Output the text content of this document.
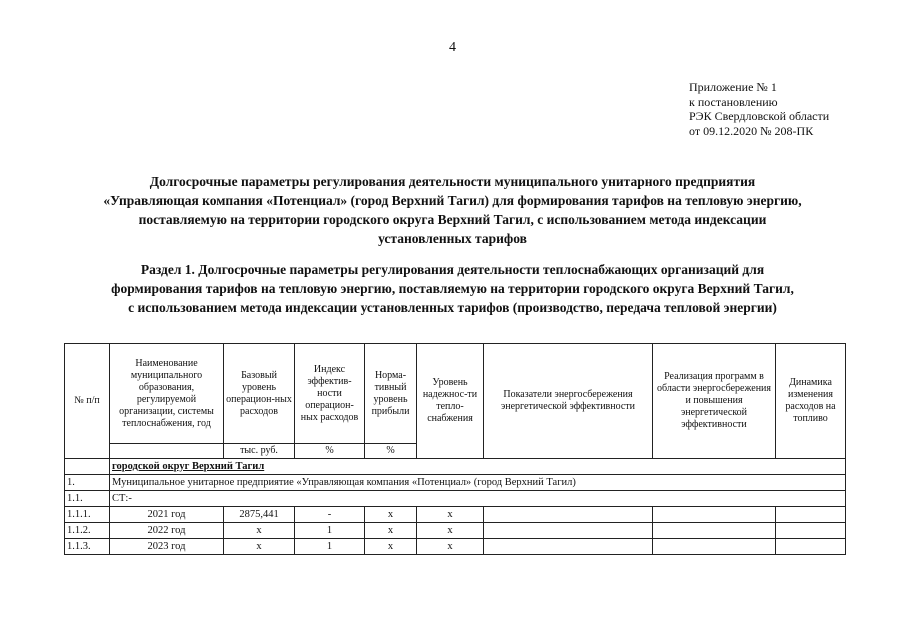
4
Приложение № 1
к постановлению
РЭК Свердловской области
от 09.12.2020 № 208-ПК
Долгосрочные параметры регулирования деятельности муниципального унитарного предприятия
«Управляющая компания «Потенциал» (город Верхний Тагил) для формирования тарифов на тепловую энергию,
поставляемую на территории городского округа Верхний Тагил, с использованием метода индексации
установленных тарифов
Раздел 1. Долгосрочные параметры регулирования деятельности теплоснабжающих организаций для
формирования тарифов на тепловую энергию, поставляемую на территории городского округа Верхний Тагил,
с использованием метода индексации установленных тарифов (производство, передача тепловой энергии)
№ п/п	Наименование муниципального образования, регулируемой организации, системы теплоснабжения, год	Базовый уровень операцион-ных расходов	Индекс эффектив-ности операцион-ных расходов	Норма-тивный уровень прибыли	Уровень надежнос-ти тепло-снабжения	Показатели энергосбережения энергетической эффективности	Реализация программ в области энергосбережения и повышения энергетической эффективности	Динамика изменения расходов на топливо
		тыс. руб.	%	%				
	городской округ Верхний Тагил							
1.	Муниципальное унитарное предприятие «Управляющая компания «Потенциал» (город Верхний Тагил)							
1.1.	СТ:-							
1.1.1.	2021 год	2875,441	-	x	x			
1.1.2.	2022 год	x	1	x	x			
1.1.3.	2023 год	x	1	x	x			
